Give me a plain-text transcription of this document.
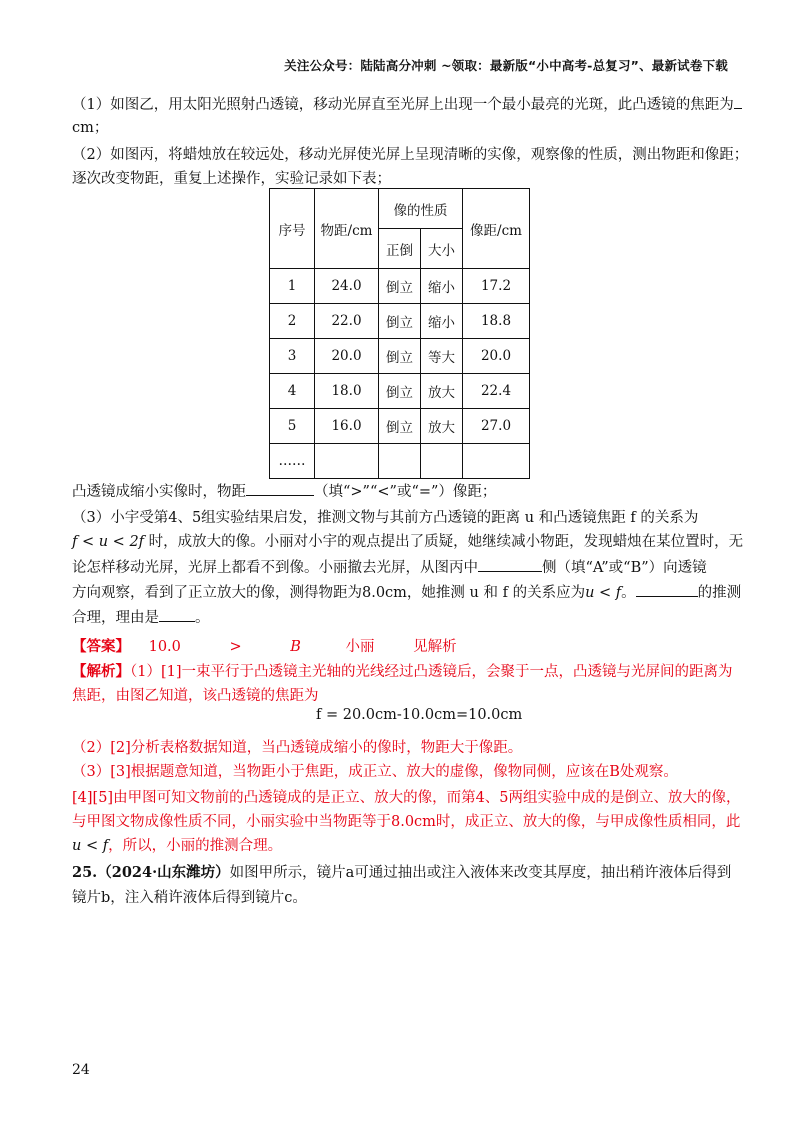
关注公众号：陆陆高分冲刺 ~领取：最新版“小中高考-总复习”、最新试卷下载
（1）如图乙，用太阳光照射凸透镜，移动光屏直至光屏上出现一个最小最亮的光斑，此凸透镜的焦距为
cm；
（2）如图丙，将蜡烛放在较远处，移动光屏使光屏上呈现清晰的实像，观察像的性质，测出物距和像距；
逐次改变物距，重复上述操作，实验记录如下表；
序号	物距/cm	像的性质		像距/cm
		正倒	大小	
1	24.0	倒立	缩小	17.2
2	22.0	倒立	缩小	18.8
3	20.0	倒立	等大	20.0
4	18.0	倒立	放大	22.4
5	16.0	倒立	放大	27.0
……				
凸透镜成缩小实像时，物距	（填“>”“<”或“=”）像距；
（3）小宇受第4、5组实验结果启发，推测文物与其前方凸透镜的距离 u 和凸透镜焦距 f 的关系为
f < u < 2f 时，成放大的像。小丽对小宇的观点提出了质疑，她继续减小物距，发现蜡烛在某位置时，无
论怎样移动光屏，光屏上都看不到像。小丽撤去光屏，从图丙中	侧（填“A”或“B”）向透镜
方向观察，看到了正立放大的像，测得物距为8.0cm，她推测 u 和 f 的关系应为u < f。	的推测
合理，理由是 。
【答案】 10.0	>	B	小丽	见解析
【解析】（1）[1]一束平行于凸透镜主光轴的光线经过凸透镜后，会聚于一点，凸透镜与光屏间的距离为
焦距，由图乙知道，该凸透镜的焦距为
f = 20.0cm-10.0cm=10.0cm
（2）[2]分析表格数据知道，当凸透镜成缩小的像时，物距大于像距。
（3）[3]根据题意知道，当物距小于焦距，成正立、放大的虚像，像物同侧，应该在B处观察。
[4][5]由甲图可知文物前的凸透镜成的是正立、放大的像，而第4、5两组实验中成的是倒立、放大的像，
与甲图文物成像性质不同，小丽实验中当物距等于8.0cm时，成正立、放大的像，与甲成像性质相同，此
u < f，所以，小丽的推测合理。
25.（2024·山东潍坊）如图甲所示，镜片a可通过抽出或注入液体来改变其厚度，抽出稍许液体后得到
镜片b，注入稍许液体后得到镜片c。
24
